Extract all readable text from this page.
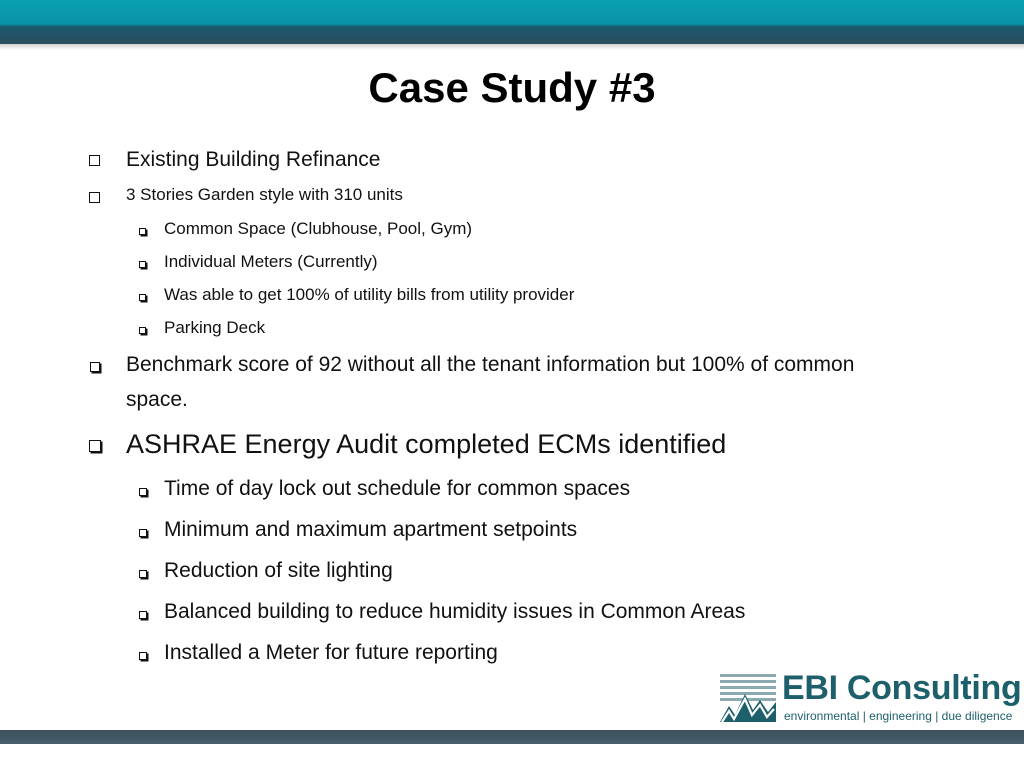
Case Study #3
Existing Building Refinance
3 Stories Garden style with 310 units
Common Space (Clubhouse, Pool, Gym)
Individual Meters (Currently)
Was able to get 100% of utility bills from utility provider
Parking Deck
Benchmark score of 92 without all the tenant information but 100% of common space.
ASHRAE Energy Audit completed ECMs identified
Time of day lock out schedule for common spaces
Minimum and maximum apartment setpoints
Reduction of site lighting
Balanced building to reduce humidity issues in Common Areas
Installed a Meter for future reporting
EBI Consulting
environmental | engineering | due diligence
